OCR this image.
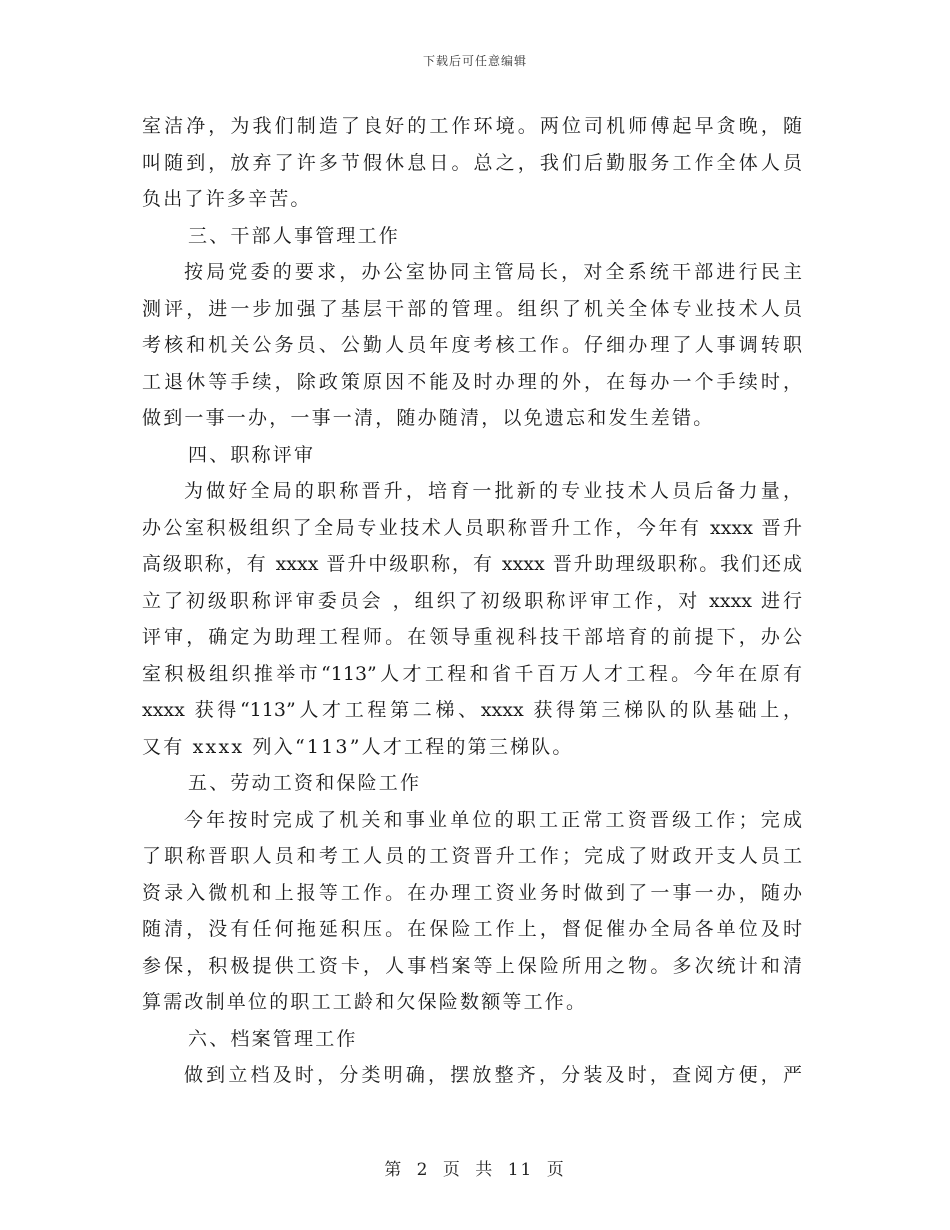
下载后可任意编辑
室洁净，为我们制造了良好的工作环境。两位司机师傅起早贪晚，随
叫随到，放弃了许多节假休息日。总之，我们后勤服务工作全体人员
负出了许多辛苦。
三、干部人事管理工作
按局党委的要求，办公室协同主管局长，对全系统干部进行民主
测评，进一步加强了基层干部的管理。组织了机关全体专业技术人员
考核和机关公务员、公勤人员年度考核工作。仔细办理了人事调转职
工退休等手续，除政策原因不能及时办理的外，在每办一个手续时，
做到一事一办，一事一清，随办随清，以免遗忘和发生差错。
四、职称评审
为做好全局的职称晋升，培育一批新的专业技术人员后备力量，
办公室积极组织了全局专业技术人员职称晋升工作，今年有 xxxx 晋升
高级职称，有 xxxx 晋升中级职称，有 xxxx 晋升助理级职称。我们还成
立了初级职称评审委员会 ，组织了初级职称评审工作，对 xxxx 进行
评审，确定为助理工程师。在领导重视科技干部培育的前提下，办公
室积极组织推举市“113”人才工程和省千百万人才工程。今年在原有
xxxx 获得“113”人才工程第二梯、xxxx 获得第三梯队的队基础上，
又有 xxxx 列入“113”人才工程的第三梯队。
五、劳动工资和保险工作
今年按时完成了机关和事业单位的职工正常工资晋级工作；完成
了职称晋职人员和考工人员的工资晋升工作；完成了财政开支人员工
资录入微机和上报等工作。在办理工资业务时做到了一事一办，随办
随清，没有任何拖延积压。在保险工作上，督促催办全局各单位及时
参保，积极提供工资卡，人事档案等上保险所用之物。多次统计和清
算需改制单位的职工工龄和欠保险数额等工作。
六、档案管理工作
做到立档及时，分类明确，摆放整齐，分装及时，查阅方便，严
第 2 页 共 11 页
